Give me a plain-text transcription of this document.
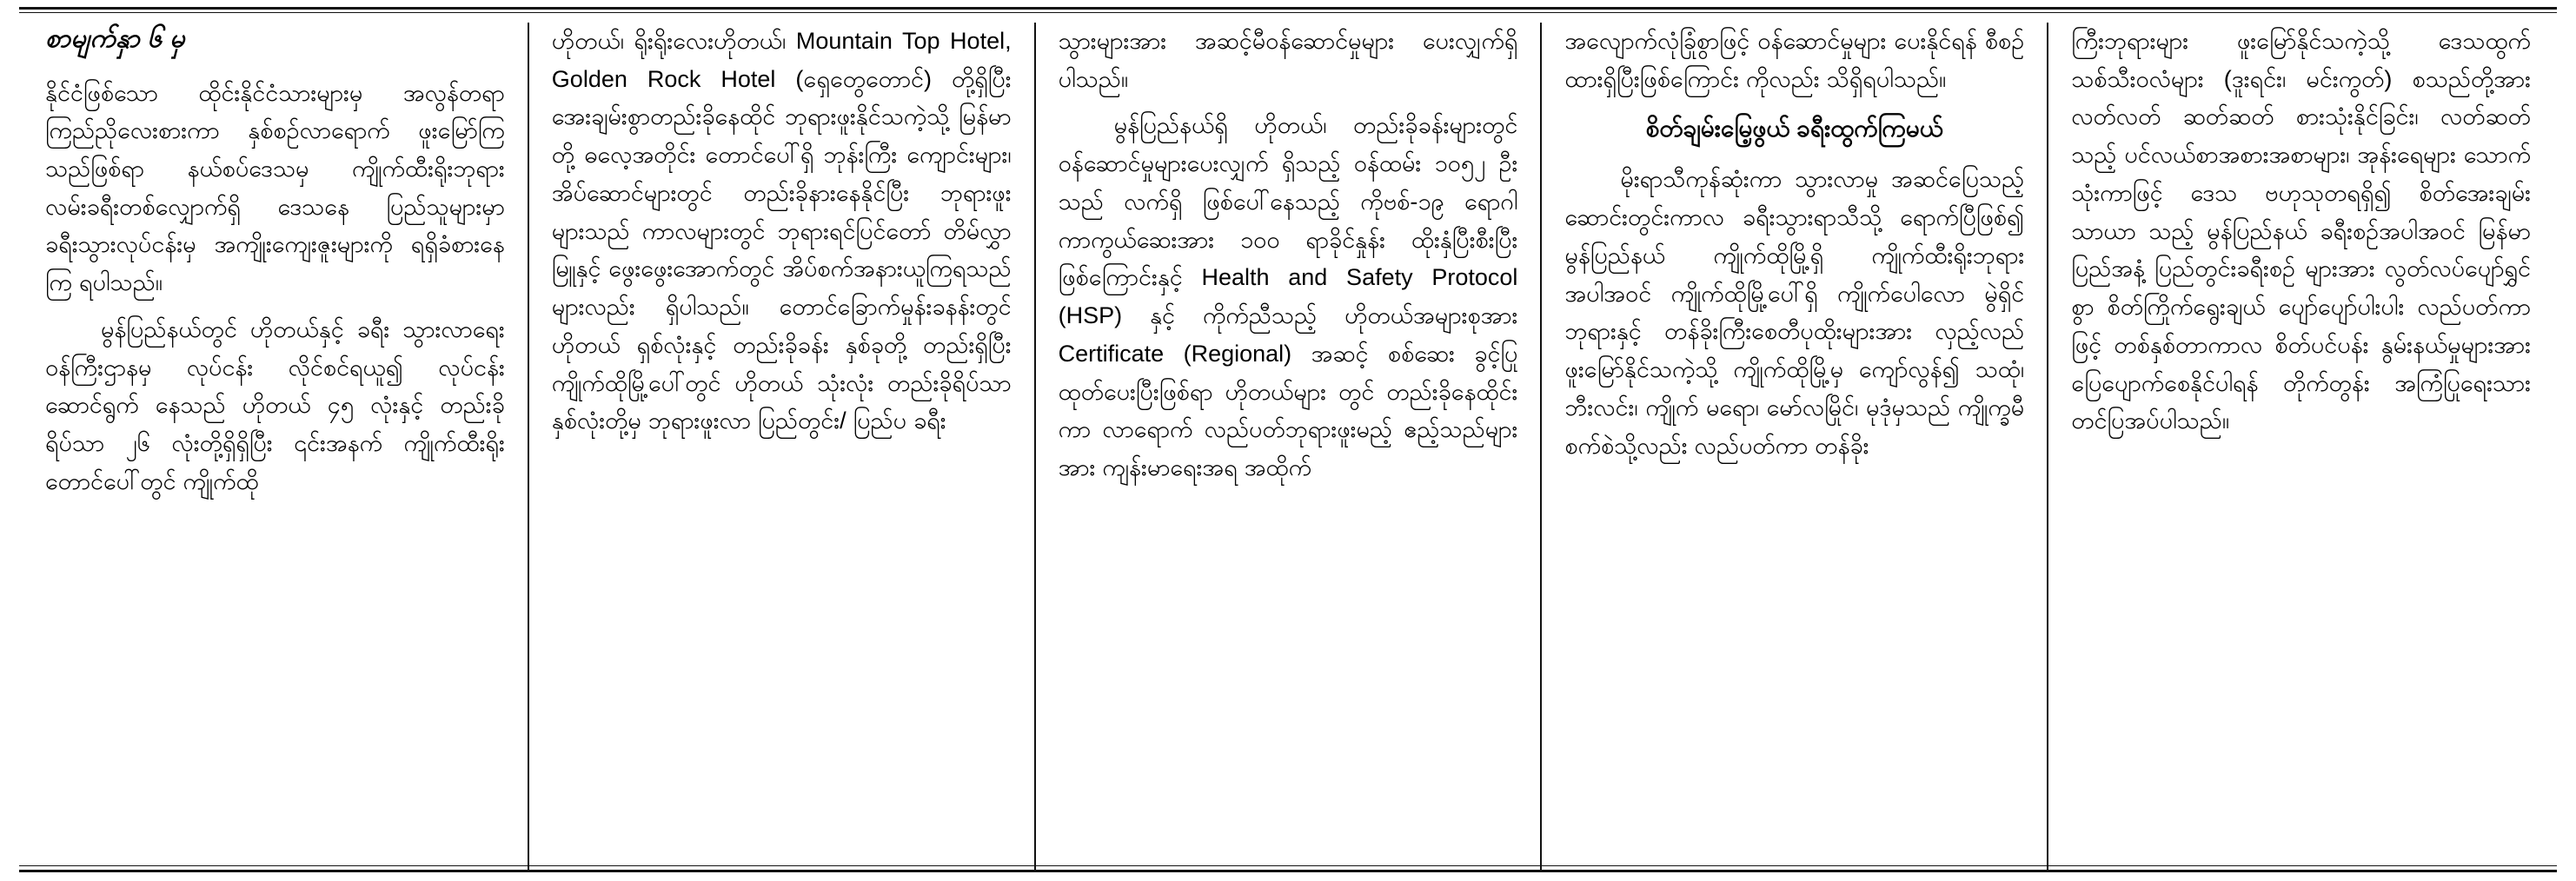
စာမျက်နှာ ၆ မှ

နိုင်ငံဖြစ်သော ထိုင်းနိုင်ငံသားများမှ အလွန်တရာ ကြည်ညိုလေးစားကာ နှစ်စဉ်လာရောက် ဖူးမြော်ကြသည်ဖြစ်ရာ နယ်စပ်ဒေသမှ ကျိုက်ထီးရိုးဘုရား လမ်းခရီးတစ်လျှောက်ရှိ ဒေသနေ ပြည်သူများမှာ ခရီးသွားလုပ်ငန်းမှ အကျိုးကျေးဇူးများကို ရရှိခံစားနေကြ ရပါသည်။

မွန်ပြည်နယ်တွင် ဟိုတယ်နှင့် ခရီး သွားလာရေးဝန်ကြီးဌာနမှ လုပ်ငန်း လိုင်စင်ရယူ၍ လုပ်ငန်းဆောင်ရွက် နေသည် ဟိုတယ် ၄၅ လုံးနှင့် တည်းခိုရိပ်သာ ၂၆ လုံးတို့ရှိရှိပြီး ၎င်းအနက် ကျိုက်ထီးရိုးတောင်ပေါ်တွင် ကျိုက်ထို

ဟိုတယ်၊ ရိုးရိုးလေးဟိုတယ်၊ Mountain Top Hotel, Golden Rock Hotel (ရှေတွေတောင်) တို့ရှိပြီး အေးချမ်းစွာတည်းခိုနေထိုင် ဘုရားဖူးနိုင်သကဲ့သို့ မြန်မာတို့ ဓလေ့အတိုင်း တောင်ပေါ်ရှိ ဘုန်းကြီး ကျောင်းများ၊ အိပ်ဆောင်များတွင် တည်းခိုနားနေနိုင်ပြီး ဘုရားဖူးများသည် ကာလများတွင် ဘုရားရင်ပြင်တော် တိမ်လွှာမြူနှင့် ဖွေးဖွေးအောက်တွင် အိပ်စက်အနားယူကြရသည်များလည်း ရှိပါသည်။ တောင်ခြောက်မှုန်းခနန်းတွင် ဟိုတယ် ရှစ်လုံးနှင့် တည်းခိုခန်း နှစ်ခုတို့ တည်းရှိပြီး ကျိုက်ထိုမြို့ပေါ်တွင် ဟိုတယ် သုံးလုံး တည်းခိုရိပ်သာ နှစ်လုံးတို့မှ ဘုရားဖူးလာ ပြည်တွင်း/ ပြည်ပ ခရီး

သွားများအား အဆင့်မီဝန်ဆောင်မှုများ ပေးလျှက်ရှိပါသည်။

မွန်ပြည်နယ်ရှိ ဟိုတယ်၊ တည်းခိုခန်းများတွင် ဝန်ဆောင်မှုများပေးလျှက် ရှိသည့် ဝန်ထမ်း ၁၀၅၂ ဦးသည် လက်ရှိ ဖြစ်ပေါ်နေသည့် ကိုဗစ်-၁၉ ရောဂါ ကာကွယ်ဆေးအား ၁၀၀ ရာခိုင်နှုန်း ထိုးနှံပြီးစီးပြီးဖြစ်ကြောင်းနှင့် Health and Safety Protocol (HSP) နှင့် ကိုက်ညီသည့် ဟိုတယ်အများစုအား Certificate (Regional) အဆင့် စစ်ဆေး ခွင့်ပြုထုတ်ပေးပြီးဖြစ်ရာ ဟိုတယ်များ တွင် တည်းခိုနေထိုင်းကာ လာရောက် လည်ပတ်ဘုရားဖူးမည့် ဧည့်သည်များ အား ကျန်းမာရေးအရ အထိုက်

အလျောက်လုံခြုံစွာဖြင့် ဝန်ဆောင်မှုများ ပေးနိုင်ရန် စီစဉ်ထားရှိပြီးဖြစ်ကြောင်း ကိုလည်း သိရှိရပါသည်။

စိတ်ချမ်းမြေ့ဖွယ် ခရီးထွက်ကြမယ်

မိုးရာသီကုန်ဆုံးကာ သွားလာမှု အဆင်ပြေသည့် ဆောင်းတွင်းကာလ ခရီးသွားရာသီသို့ ရောက်ပြီဖြစ်၍ မွန်ပြည်နယ် ကျိုက်ထိုမြို့ရှိ ကျိုက်ထီးရိုးဘုရားအပါအဝင် ကျိုက်ထိုမြို့ပေါ်ရှိ ကျိုက်ပေါလော မွဲရှိင်ဘုရားနှင့် တန်ခိုးကြီးစေတီပုထိုးများအား လှည့်လည် ဖူးမြော်နိုင်သကဲ့သို့ ကျိုက်ထိုမြို့မှ ကျော်လွန်၍ သထုံ၊ ဘီးလင်း၊ ကျိုက် မရော၊ မော်လမြိုင်၊ မုဒုံမှသည် ကျိုက္ခမီ စက်စဲသို့လည်း လည်ပတ်ကာ တန်ခိုး

ကြီးဘုရားများ ဖူးမြော်နိုင်သကဲ့သို့ ဒေသထွက် သစ်သီးဝလံများ (ဒူးရင်း၊ မင်းကွတ်) စသည်တို့အား လတ်လတ် ဆတ်ဆတ် စားသုံးနိုင်ခြင်း၊ လတ်ဆတ် သည့် ပင်လယ်စာအစားအစာများ၊ အုန်းရေများ သောက်သုံးကာဖြင့် ဒေသ ဗဟုသုတရရှိ၍ စိတ်အေးချမ်းသာယာ သည့် မွန်ပြည်နယ် ခရီးစဉ်အပါအဝင် မြန်မာပြည်အနံ့ ပြည်တွင်းခရီးစဉ် များအား လွတ်လပ်ပျော်ရွှင်စွာ စိတ်ကြိုက်ရွေးချယ် ပျော်ပျော်ပါးပါး လည်ပတ်ကာဖြင့် တစ်နှစ်တာကာလ စိတ်ပင်ပန်း နွမ်းနယ်မှုများအား ပြေပျောက်စေနိုင်ပါရန် တိုက်တွန်း အကြံပြုရေးသားတင်ပြအပ်ပါသည်။
